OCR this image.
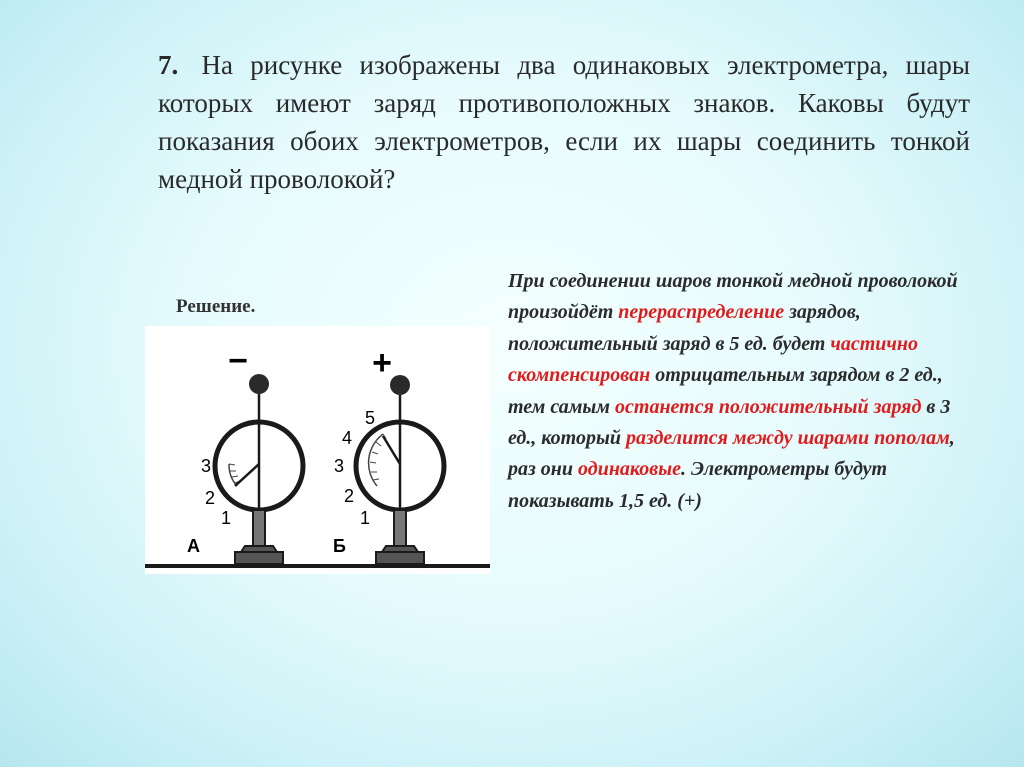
7. На рисунке изображены два одинаковых электрометра, шары которых имеют заряд противоположных знаков. Каковы будут показания обоих электрометров, если их шары соединить тонкой медной проволокой?
Решение.
−
3
2
1
А
+
5
4
3
2
1
Б
При соединении шаров тонкой медной проволокой произойдёт перераспределение зарядов, положительный заряд в 5 ед. будет частично скомпенсирован отрицательным зарядом в 2 ед., тем самым останется положительный заряд в 3 ед., который разделится между шарами пополам, раз они одинаковые. Электрометры будут показывать 1,5 ед. (+)
